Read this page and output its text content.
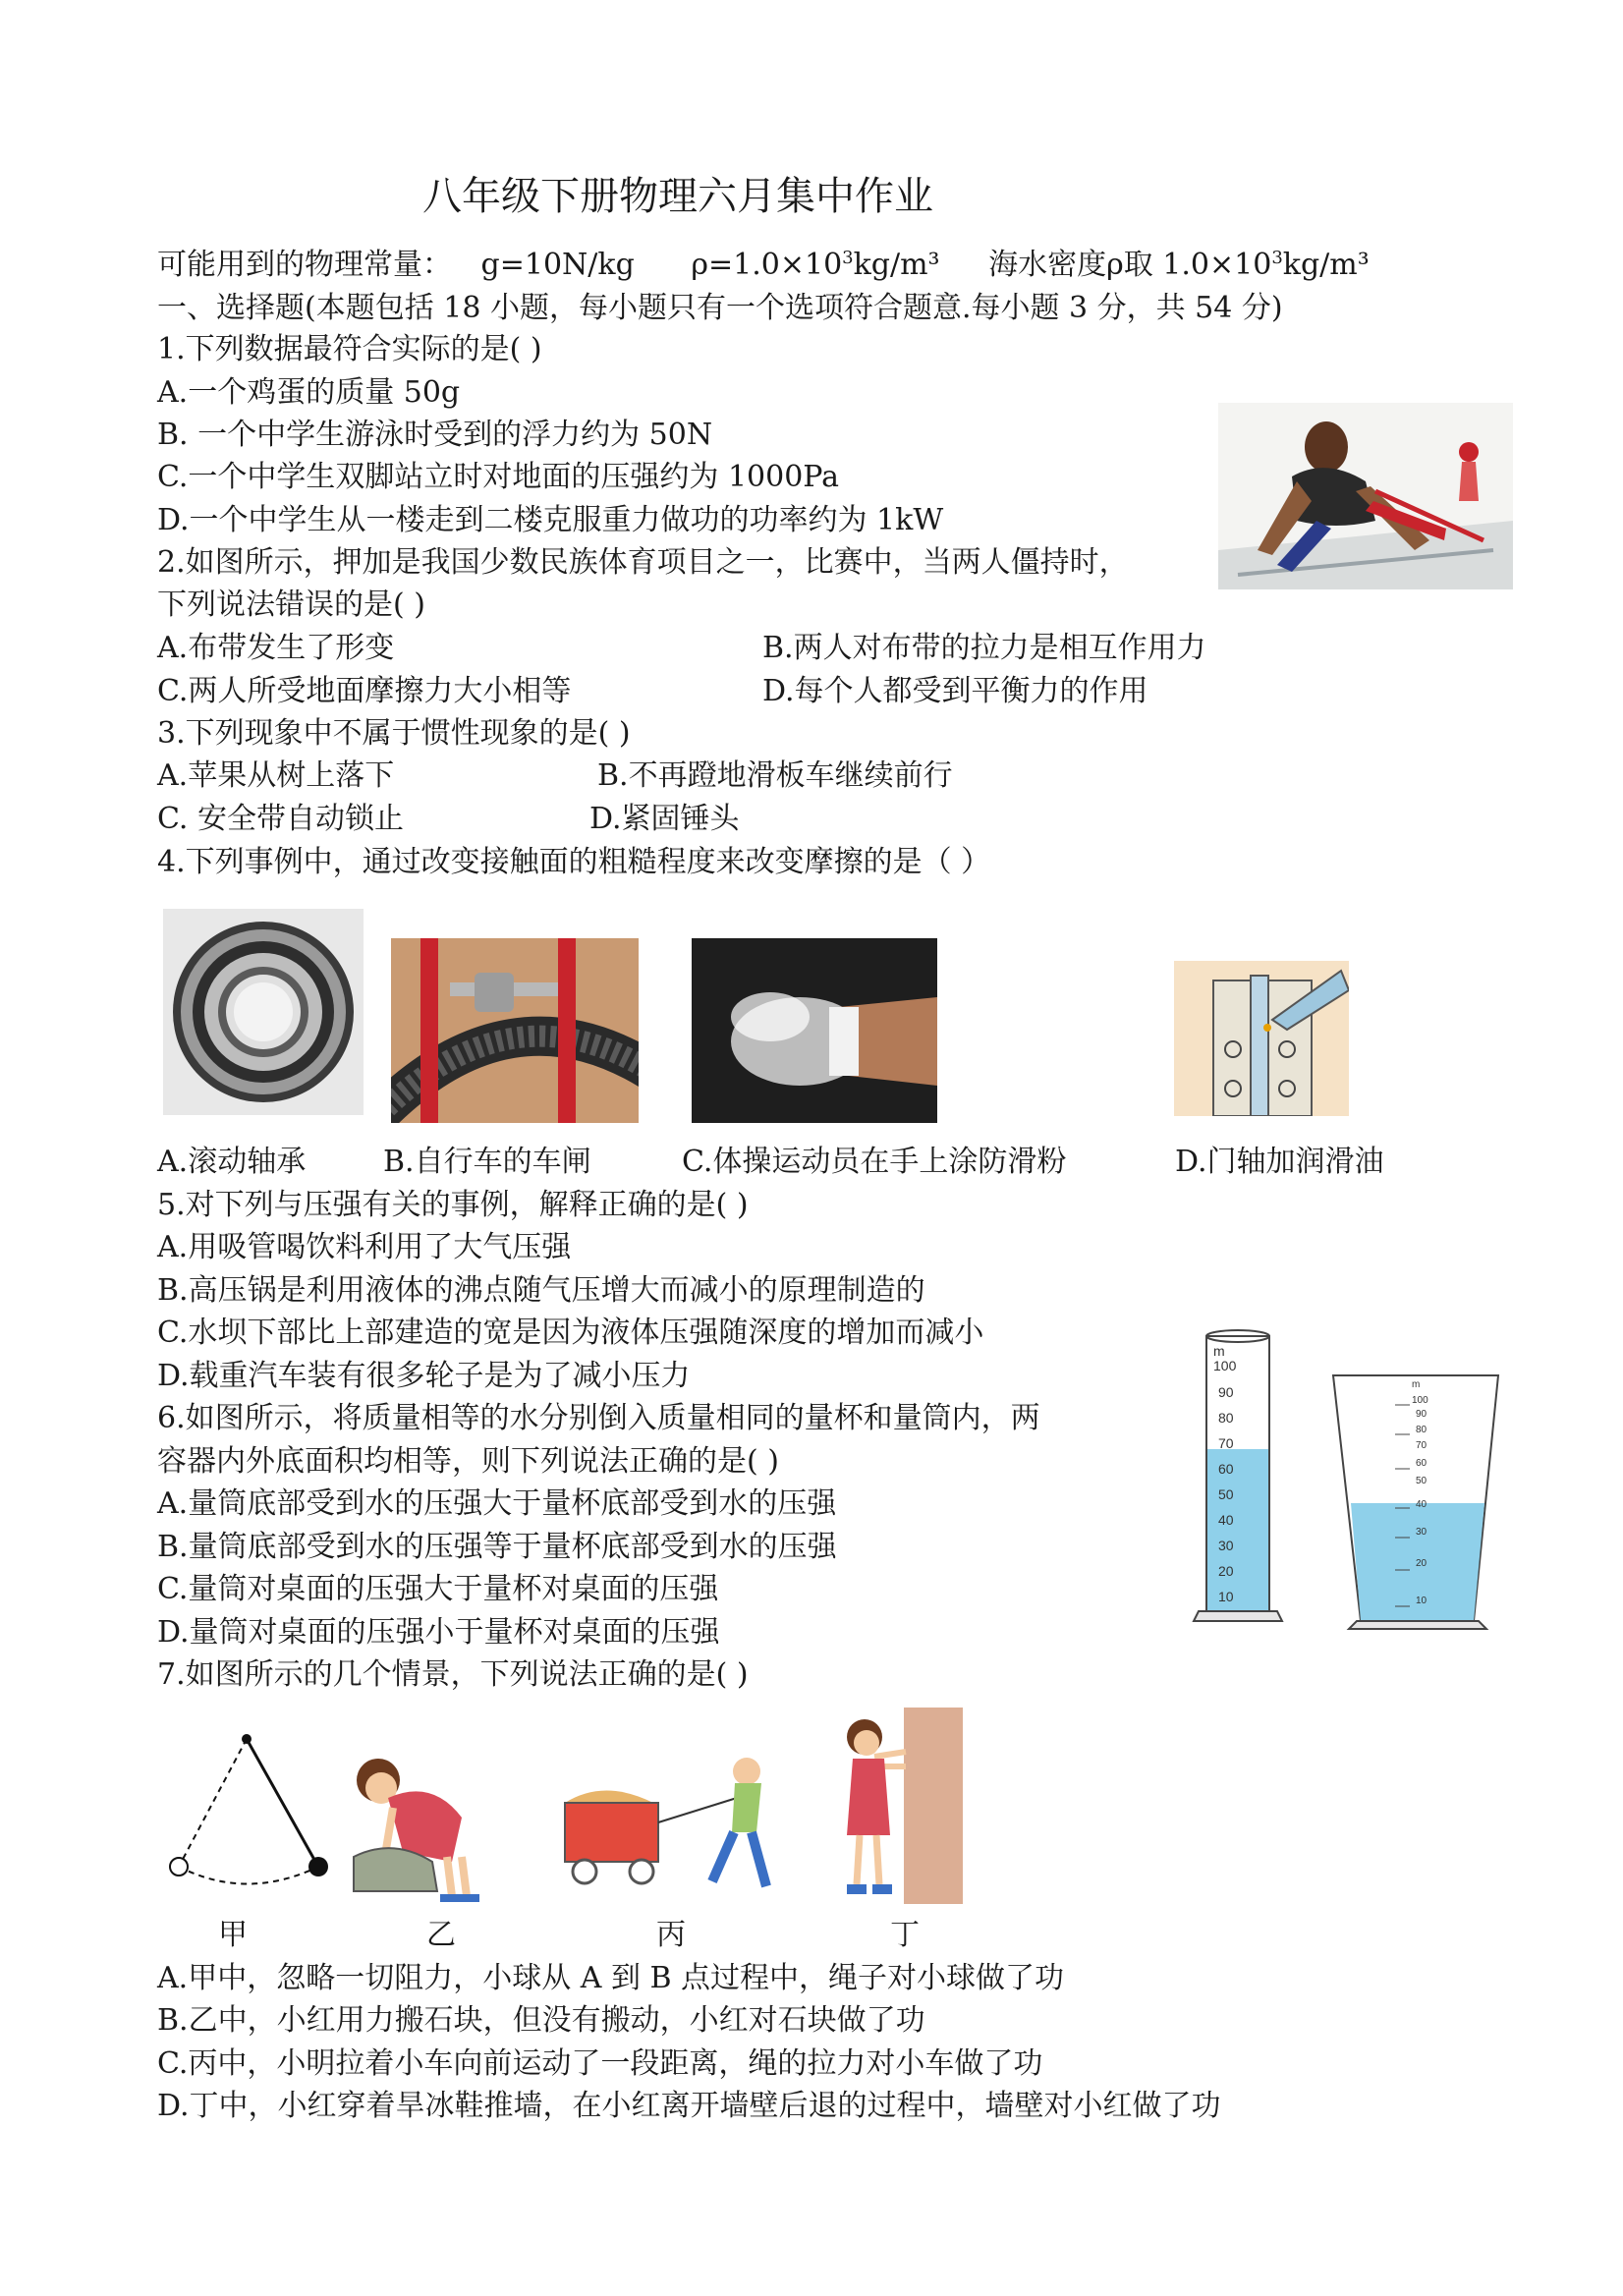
八年级下册物理六月集中作业
可能用到的物理常量： g=10N/kg $\rho=1.0\times 10^3kg/m^3$ 海水密度ρ取 $1.0\times 10^3kg/m^3$
一、选择题(本题包括 18 小题，每小题只有一个选项符合题意.每小题 3 分，共 54 分)
1.下列数据最符合实际的是( )
A.一个鸡蛋的质量 50g
B. 一个中学生游泳时受到的浮力约为 50N
C.一个中学生双脚站立时对地面的压强约为 1000Pa
D.一个中学生从一楼走到二楼克服重力做功的功率约为 1kW
2.如图所示，押加是我国少数民族体育项目之一，比赛中，当两人僵持时，
下列说法错误的是( )
A.布带发生了形变	B.两人对布带的拉力是相互作用力
C.两人所受地面摩擦力大小相等	D.每个人都受到平衡力的作用
3.下列现象中不属于惯性现象的是( )
A.苹果从树上落下	B.不再蹬地滑板车继续前行
C. 安全带自动锁止	D.紧固锤头
4.下列事例中，通过改变接触面的粗糙程度来改变摩擦的是（ ）
A.滚动轴承	B.自行车的车闸	C.体操运动员在手上涂防滑粉	D.门轴加润滑油
5.对下列与压强有关的事例，解释正确的是( )
A.用吸管喝饮料利用了大气压强
B.高压锅是利用液体的沸点随气压增大而减小的原理制造的
C.水坝下部比上部建造的宽是因为液体压强随深度的增加而减小
D.载重汽车装有很多轮子是为了减小压力
m
100
90
80
70
60
50
40
30
20
10
m
100
90
80
70
60
50
40
30
20
10
6.如图所示，将质量相等的水分别倒入质量相同的量杯和量筒内，两
容器内外底面积均相等，则下列说法正确的是( )
A.量筒底部受到水的压强大于量杯底部受到水的压强
B.量筒底部受到水的压强等于量杯底部受到水的压强
C.量筒对桌面的压强大于量杯对桌面的压强
D.量筒对桌面的压强小于量杯对桌面的压强
7.如图所示的几个情景，下列说法正确的是( )
甲	乙	丙	丁
A.甲中，忽略一切阻力，小球从 A 到 B 点过程中，绳子对小球做了功
B.乙中，小红用力搬石块，但没有搬动，小红对石块做了功
C.丙中，小明拉着小车向前运动了一段距离，绳的拉力对小车做了功
D.丁中，小红穿着旱冰鞋推墙，在小红离开墙壁后退的过程中，墙壁对小红做了功
